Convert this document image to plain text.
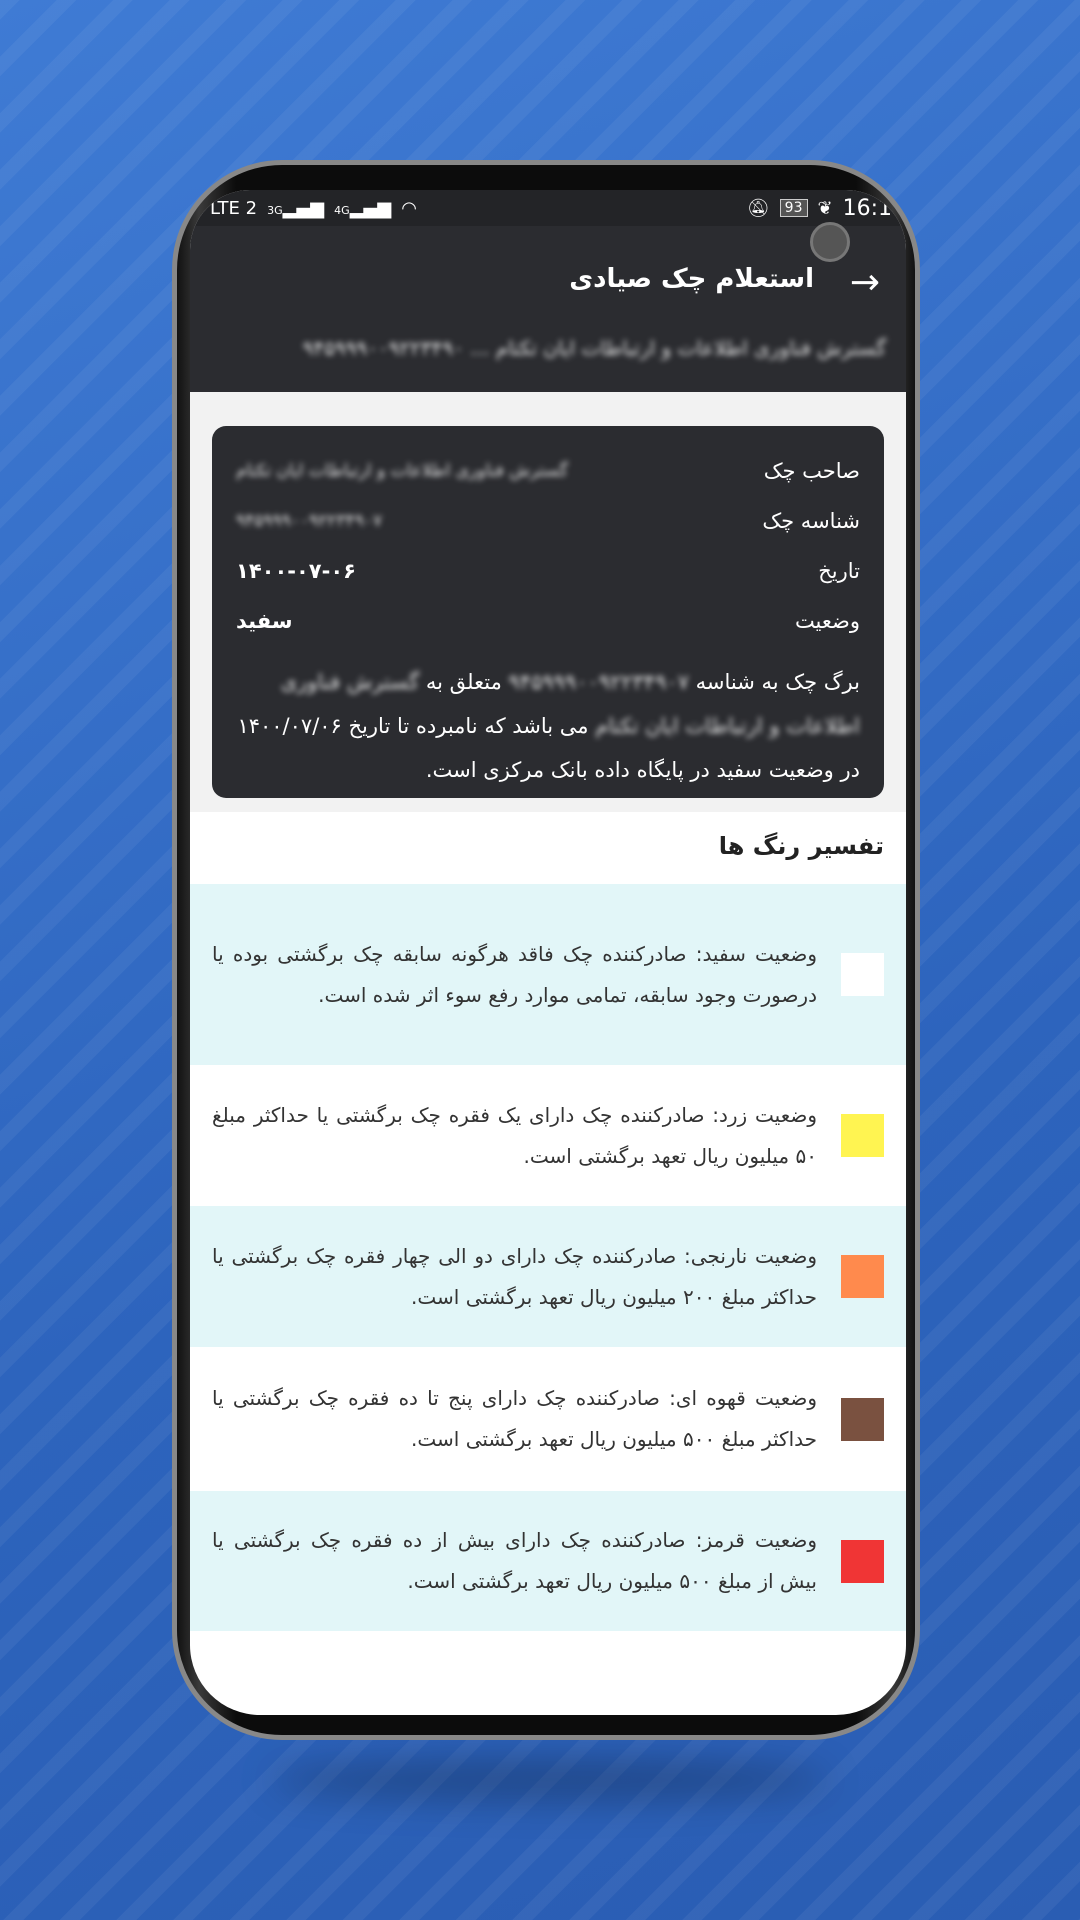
LTE 2 3G▂▄▆ 4G▂▄▆ ◠	🔕︎	93 ❦ 16:1
→
استعلام چک صیادی
گسترش فناوری اطلاعات و ارتباطات ایان تکتام ... ۹۴۵۹۹۹۰۰۹۲۲۳۴۹۰
صاحب چک
گسترش فناوری اطلاعات و ارتباطات ایان تکتام
شناسه چک
۹۴۵۹۹۹۰۰۹۲۲۳۴۹۰۷
تاریخ
۱۴۰۰-۰۷-۰۶
وضعیت
سفید
برگ چک به شناسه ۹۴۵۹۹۹۰۰۹۲۲۳۴۹۰۷ متعلق به گسترش فناوری اطلاعات و ارتباطات ایان تکتام می باشد که نامبرده تا تاریخ ۱۴۰۰/۰۷/۰۶ در وضعیت سفید در پایگاه داده بانک مرکزی است.
تفسیر رنگ ها
وضعیت سفید: صادرکننده چک فاقد هرگونه سابقه چک برگشتی بوده یا درصورت وجود سابقه، تمامی موارد رفع سوء اثر شده است.
وضعیت زرد: صادرکننده چک دارای یک فقره چک برگشتی یا حداکثر مبلغ ۵۰ میلیون ریال تعهد برگشتی است.
وضعیت نارنجی: صادرکننده چک دارای دو الی چهار فقره چک برگشتی یا حداکثر مبلغ ۲۰۰ میلیون ریال تعهد برگشتی است.
وضعیت قهوه ای: صادرکننده چک دارای پنج تا ده فقره چک برگشتی یا حداکثر مبلغ ۵۰۰ میلیون ریال تعهد برگشتی است.
وضعیت قرمز: صادرکننده چک دارای بیش از ده فقره چک برگشتی یا بیش از مبلغ ۵۰۰ میلیون ریال تعهد برگشتی است.
